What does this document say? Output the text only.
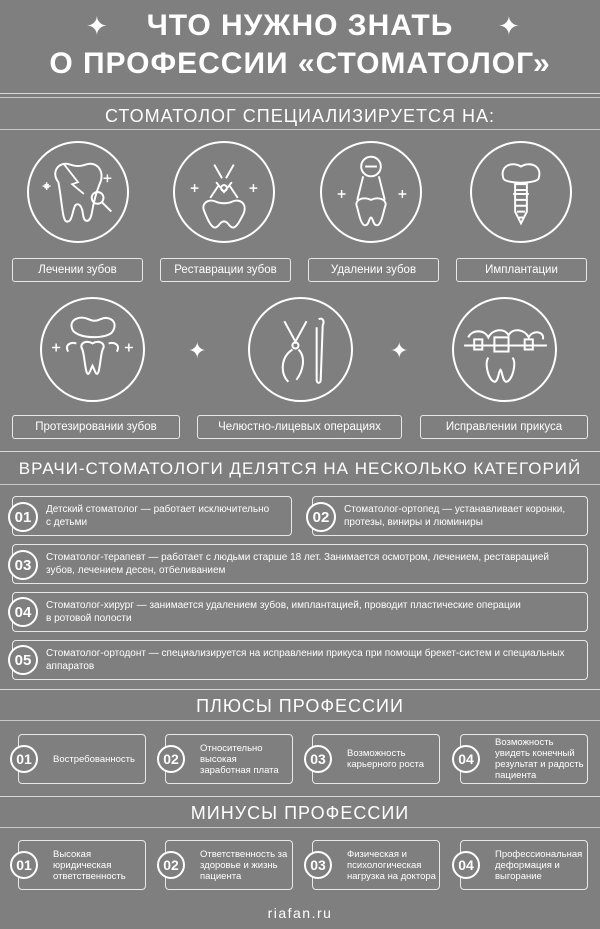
✦	✦
ЧТО НУЖНО ЗНАТЬ
О ПРОФЕССИИ «СТОМАТОЛОГ»
СТОМАТОЛОГ СПЕЦИАЛИЗИРУЕТСЯ НА:
Лечении зубов	Реставрации зубов	Удалении зубов	Имплантации
✦	✦
Протезировании зубов	Челюстно-лицевых операциях	Исправлении прикуса
ВРАЧИ-СТОМАТОЛОГИ ДЕЛЯТСЯ НА НЕСКОЛЬКО КАТЕГОРИЙ
01	Детский стоматолог — работает исключительно
с детьми	02	Стоматолог-ортопед — устанавливает коронки,
протезы, виниры и люминиры
03	Стоматолог-терапевт — работает с людьми старше 18 лет. Занимается осмотром, лечением, реставрацией
зубов, лечением десен, отбеливанием
04	Стоматолог-хирург — занимается удалением зубов, имплантацией, проводит пластические операции
в ротовой полости
05	Стоматолог-ортодонт — специализируется на исправлении прикуса при помощи брекет-систем и специальных
аппаратов
ПЛЮСЫ ПРОФЕССИИ
Востребованность
01
Относительно высокая заработная плата
02	Возможность карьерного роста
03
Возможность увидеть конечный результат и радость пациента
04
МИНУСЫ ПРОФЕССИИ
Высокая юридическая ответственность
01
Ответственность за здоровье и жизнь пациента
02
Физическая и психологическая нагрузка на доктора
03
Профессиональная деформация и выгорание
04
riafan.ru
